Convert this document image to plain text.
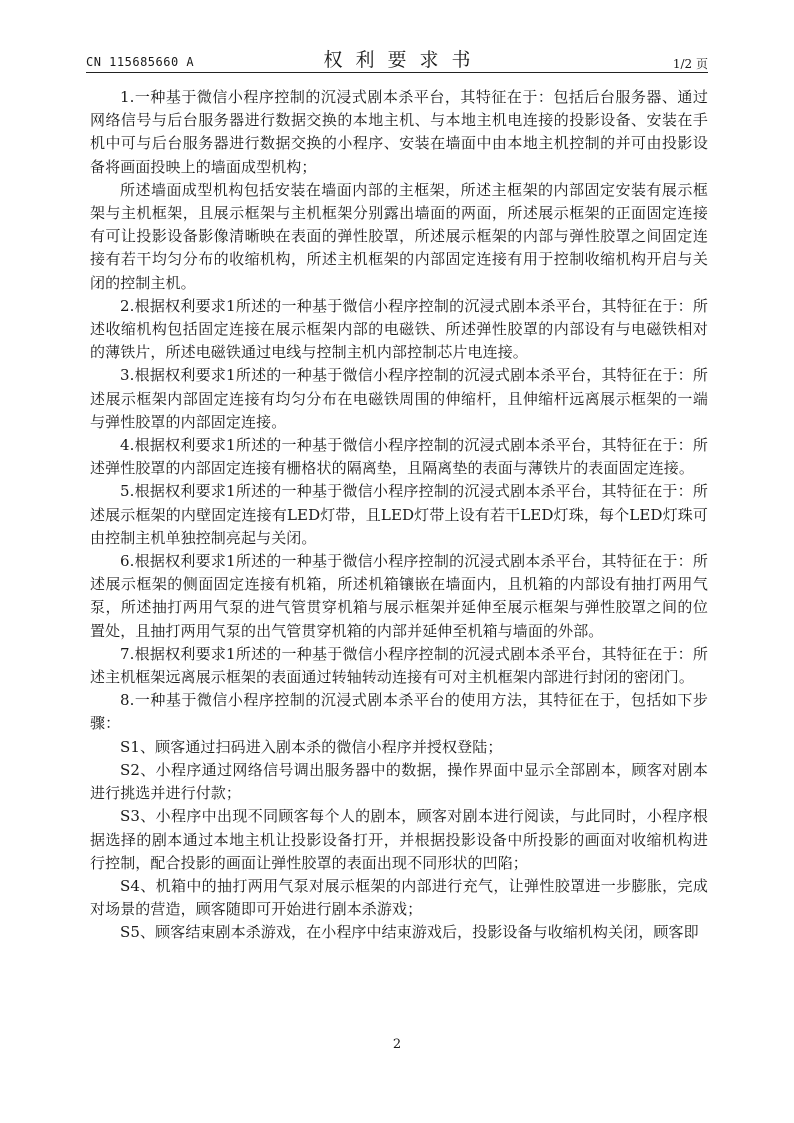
CN 115685660 A	权利要求书	1/2 页

1.一种基于微信小程序控制的沉浸式剧本杀平台，其特征在于：包括后台服务器、通过网络信号与后台服务器进行数据交换的本地主机、与本地主机电连接的投影设备、安装在手机中可与后台服务器进行数据交换的小程序、安装在墙面中由本地主机控制的并可由投影设备将画面投映上的墙面成型机构；

所述墙面成型机构包括安装在墙面内部的主框架，所述主框架的内部固定安装有展示框架与主机框架，且展示框架与主机框架分别露出墙面的两面，所述展示框架的正面固定连接有可让投影设备影像清晰映在表面的弹性胶罩，所述展示框架的内部与弹性胶罩之间固定连接有若干均匀分布的收缩机构，所述主机框架的内部固定连接有用于控制收缩机构开启与关闭的控制主机。

2.根据权利要求1所述的一种基于微信小程序控制的沉浸式剧本杀平台，其特征在于：所述收缩机构包括固定连接在展示框架内部的电磁铁、所述弹性胶罩的内部设有与电磁铁相对的薄铁片，所述电磁铁通过电线与控制主机内部控制芯片电连接。

3.根据权利要求1所述的一种基于微信小程序控制的沉浸式剧本杀平台，其特征在于：所述展示框架内部固定连接有均匀分布在电磁铁周围的伸缩杆，且伸缩杆远离展示框架的一端与弹性胶罩的内部固定连接。

4.根据权利要求1所述的一种基于微信小程序控制的沉浸式剧本杀平台，其特征在于：所述弹性胶罩的内部固定连接有栅格状的隔离垫，且隔离垫的表面与薄铁片的表面固定连接。

5.根据权利要求1所述的一种基于微信小程序控制的沉浸式剧本杀平台，其特征在于：所述展示框架的内壁固定连接有LED灯带，且LED灯带上设有若干LED灯珠，每个LED灯珠可由控制主机单独控制亮起与关闭。

6.根据权利要求1所述的一种基于微信小程序控制的沉浸式剧本杀平台，其特征在于：所述展示框架的侧面固定连接有机箱，所述机箱镶嵌在墙面内，且机箱的内部设有抽打两用气泵，所述抽打两用气泵的进气管贯穿机箱与展示框架并延伸至展示框架与弹性胶罩之间的位置处，且抽打两用气泵的出气管贯穿机箱的内部并延伸至机箱与墙面的外部。

7.根据权利要求1所述的一种基于微信小程序控制的沉浸式剧本杀平台，其特征在于：所述主机框架远离展示框架的表面通过转轴转动连接有可对主机框架内部进行封闭的密闭门。

8.一种基于微信小程序控制的沉浸式剧本杀平台的使用方法，其特征在于，包括如下步骤：

S1、顾客通过扫码进入剧本杀的微信小程序并授权登陆；

S2、小程序通过网络信号调出服务器中的数据，操作界面中显示全部剧本，顾客对剧本进行挑选并进行付款；

S3、小程序中出现不同顾客每个人的剧本，顾客对剧本进行阅读，与此同时，小程序根据选择的剧本通过本地主机让投影设备打开，并根据投影设备中所投影的画面对收缩机构进行控制，配合投影的画面让弹性胶罩的表面出现不同形状的凹陷；

S4、机箱中的抽打两用气泵对展示框架的内部进行充气，让弹性胶罩进一步膨胀，完成对场景的营造，顾客随即可开始进行剧本杀游戏；

S5、顾客结束剧本杀游戏，在小程序中结束游戏后，投影设备与收缩机构关闭，顾客即

2
